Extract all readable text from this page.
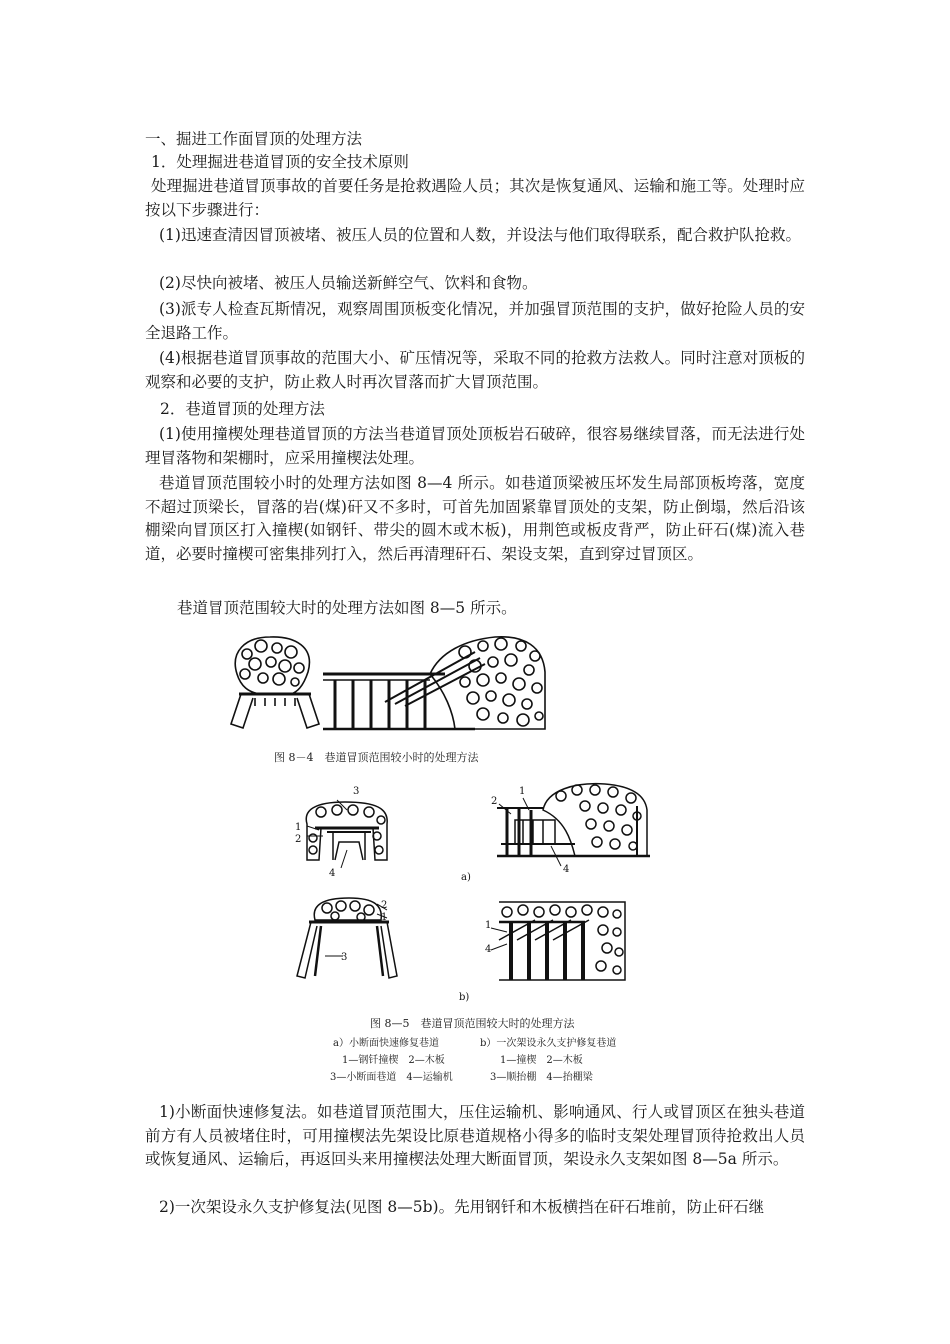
一、掘进工作面冒顶的处理方法
1．处理掘进巷道冒顶的安全技术原则
处理掘进巷道冒顶事故的首要任务是抢救遇险人员；其次是恢复通风、运输和施工等。处理时应按以下步骤进行：
(1)迅速查清因冒顶被堵、被压人员的位置和人数，并设法与他们取得联系，配合救护队抢救。
(2)尽快向被堵、被压人员输送新鲜空气、饮料和食物。
(3)派专人检查瓦斯情况，观察周围顶板变化情况，并加强冒顶范围的支护，做好抢险人员的安全退路工作。
(4)根据巷道冒顶事故的范围大小、矿压情况等，采取不同的抢救方法救人。同时注意对顶板的观察和必要的支护，防止救人时再次冒落而扩大冒顶范围。
2．巷道冒顶的处理方法
(1)使用撞楔处理巷道冒顶的方法当巷道冒顶处顶板岩石破碎，很容易继续冒落，而无法进行处理冒落物和架棚时，应采用撞楔法处理。
巷道冒顶范围较小时的处理方法如图 8—4 所示。如巷道顶梁被压坏发生局部顶板垮落，宽度不超过顶梁长，冒落的岩(煤)矸又不多时，可首先加固紧靠冒顶处的支架，防止倒塌，然后沿该棚梁向冒顶区打入撞楔(如钢钎、带尖的圆木或木板)，用荆笆或板皮背严，防止矸石(煤)流入巷道，必要时撞楔可密集排列打入，然后再清理矸石、架设支架，直到穿过冒顶区。
巷道冒顶范围较大时的处理方法如图 8—5 所示。
图 8－4　巷道冒顶范围较小时的处理方法
3
1
2
4
2
1
4
a)
2
1
3
1
4
b)
图 8—5　巷道冒顶范围较大时的处理方法
a）小断面快速修复巷道	b）一次架设永久支护修复巷道
1—钢钎撞楔　2—木板	1—撞楔　2—木板
3—小断面巷道　4—运输机	3—顺抬棚　4—抬棚梁
1)小断面快速修复法。如巷道冒顶范围大，压住运输机、影响通风、行人或冒顶区在独头巷道前方有人员被堵住时，可用撞楔法先架设比原巷道规格小得多的临时支架处理冒顶待抢救出人员或恢复通风、运输后，再返回头来用撞楔法处理大断面冒顶，架设永久支架如图 8—5a 所示。
2)一次架设永久支护修复法(见图 8—5b)。先用钢钎和木板横挡在矸石堆前，防止矸石继
